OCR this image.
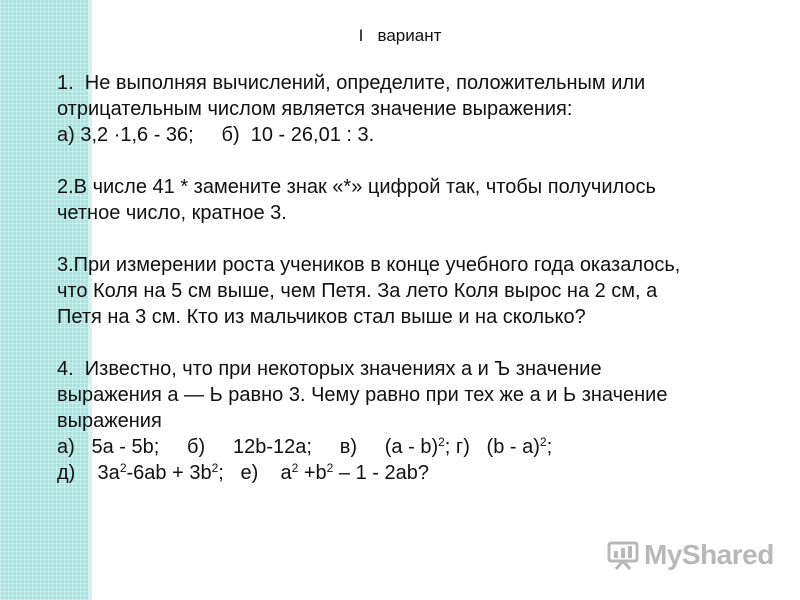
I   вариант
1.  Не выполняя вычислений, определите, положительным или
отрицательным числом является значение выражения:
а) 3,2 ·1,6 - 36;     б)  10 - 26,01 : 3.
2.В числе 41 * замените знак «*» цифрой так, чтобы получилось
четное число, кратное 3.
3.При измерении роста учеников в конце учебного года оказалось,
что Коля на 5 см выше, чем Петя. За лето Коля вырос на 2 см, а
Петя на 3 см. Кто из мальчиков стал выше и на сколько?
4.  Известно, что при некоторых значениях а и Ъ значение
выражения а — Ь равно 3. Чему равно при тех же а и Ь значение
выражения
а)   5a - 5b;     б)     12b-12a;     в)     (a - b)$^2$; г)   (b - a)$^2$;
д)    $3a^2-6ab + 3b^2$;   е)    $a^2 +b^2 - 1 - 2ab$?
MyShared
